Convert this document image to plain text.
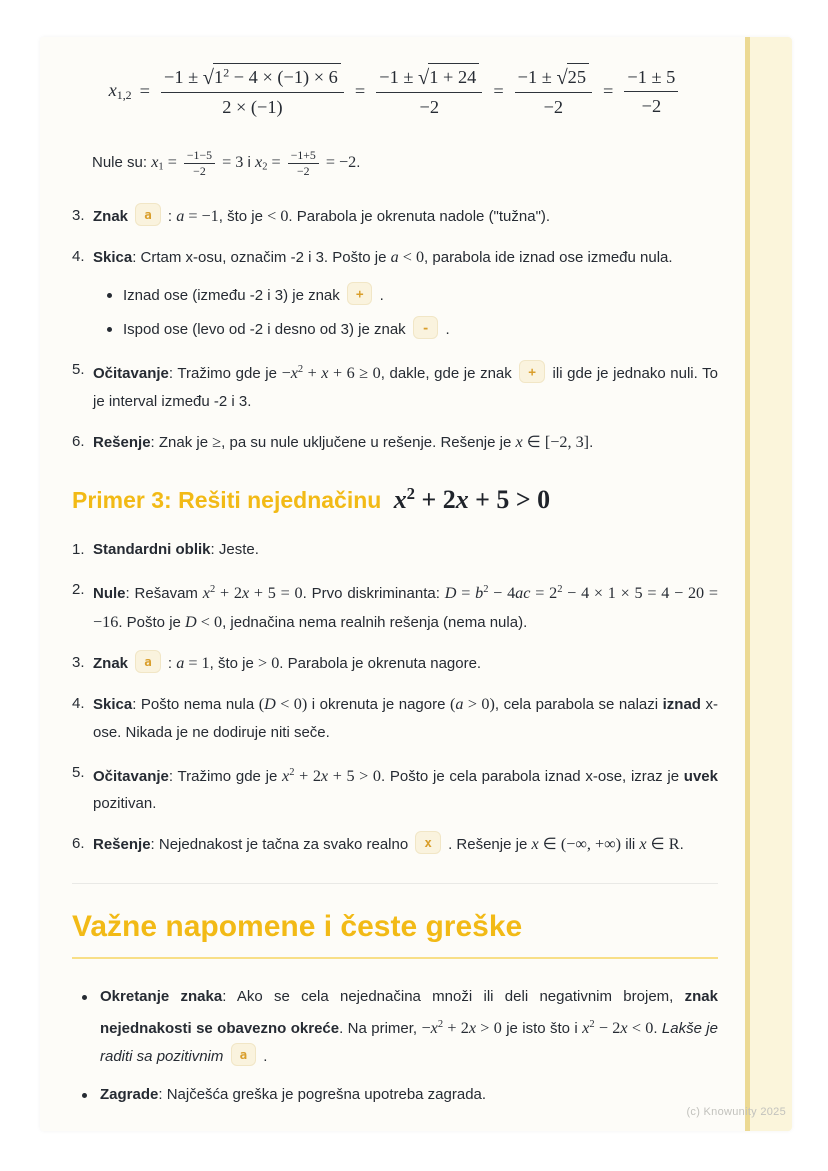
$x1,2 = \frac{-1 \pm √1^2 - 4 \times (-1) \times 6}{2 \times (-1)} = \frac{-1 \pm √1 + 24}{-2} = \frac{-1 \pm √25}{-2} = \frac{-1 \pm 5}{-2}$

Nule su: $x1 = \frac{-1-5}{-2} = 3$ i $x2 = \frac{-1+5}{-2} = -2$.

3. Znak a : a = −1, što je < 0. Parabola je okrenuta nadole ("tužna").
4. Skica: Crtam x-osu, označim -2 i 3. Pošto je a < 0, parabola ide iznad ose između nula.
Iznad ose (između -2 i 3) je znak + .
Ispod ose (levo od -2 i desno od 3) je znak - .
5. Očitavanje: Tražimo gde je $-x^2 + x + 6 \ge 0$, dakle, gde je znak + ili gde je jednako nuli. To je interval između -2 i 3.
6. Rešenje: Znak je ≥, pa su nule uključene u rešenje. Rešenje je x ∈ [−2, 3].
Primer 3: Rešiti nejednačinu $x^2 + 2x + 5 > 0$
1. Standardni oblik: Jeste.
2. Nule: Rešavam $x^2 + 2x + 5 = 0$. Prvo diskriminanta: $D = b^2 - 4ac = 2^2 - 4 \times 1 \times 5 = 4 - 20 = -16$. Pošto je D < 0, jednačina nema realnih rešenja (nema nula).
3. Znak a : a = 1, što je > 0. Parabola je okrenuta nagore.
4. Skica: Pošto nema nula (D < 0) i okrenuta je nagore (a > 0), cela parabola se nalazi iznad x-ose. Nikada je ne dodiruje niti seče.
5. Očitavanje: Tražimo gde je $x^2 + 2x + 5 > 0$. Pošto je cela parabola iznad x-ose, izraz je uvek pozitivan.
6. Rešenje: Nejednakost je tačna za svako realno x . Rešenje je x ∈ (−∞, +∞) ili x ∈ R.
Važne napomene i česte greške
Okretanje znaka: Ako se cela nejednačina množi ili deli negativnim brojem, znak nejednakosti se obavezno okreće. Na primer, $-x^2 + 2x > 0$ je isto što i $x^2 - 2x < 0$. Lakše je raditi sa pozitivnim a .
Zagrade: Najčešća greška je pogrešna upotreba zagrada.
(c) Knowunity 2025
